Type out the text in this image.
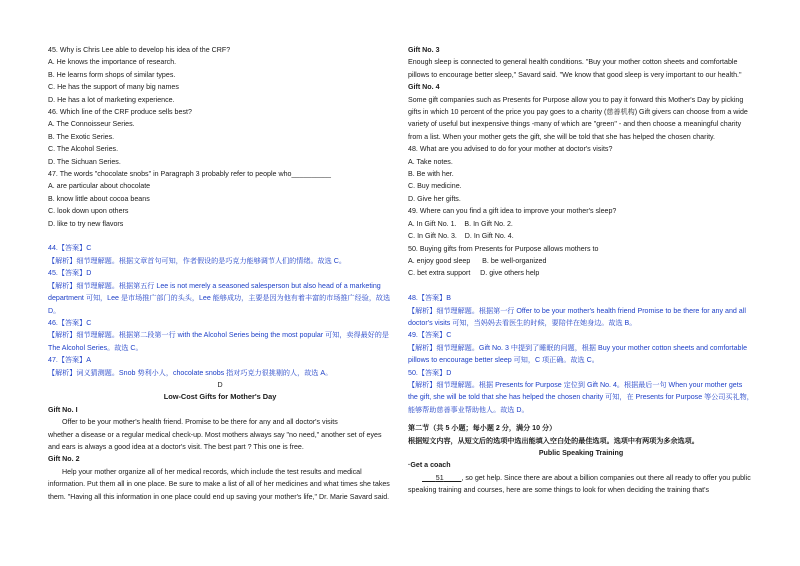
45. Why is Chris Lee able to develop his idea of the CRF?

A. He knows the importance of research.

B. He learns form shops of similar types.

C. He has the support of many big names

D. He has a lot of marketing experience.

46. Which line of the CRF produce sells best?

A. The Connoisseur Series.

B. The Exotic Series.

C. The Alcohol Series.

D. The Sichuan Series.

47. The words "chocolate snobs" in Paragraph 3 probably refer to people who__________

A. are particular about chocolate

B. know little about cocoa beans

C. look down upon others

D. like to try new flavors

44.【答案】C

【解析】细节理解题。根据文章首句可知，作者假设的是巧克力能够调节人们的情绪。故选 C。

45.【答案】D

【解析】细节理解题。根据第五行 Lee is not merely a seasoned salesperson but also head of a marketing department 可知，Lee 是市场推广部门的头头，Lee 能够成功，主要是因为他有着丰富的市场推广经验，故选 D。

46.【答案】C

【解析】细节理解题。根据第二段第一行 with the Alcohol Series being the most popular 可知，卖得最好的是 The Alcohol Series。故选 C。

47.【答案】A

【解析】词义猜测题。Snob 势利小人，chocolate snobs 指对巧克力很挑剔的人，故选 A。

D

Low-Cost Gifts for Mother's Day

Gift No. I

Offer to be your mother's health friend. Promise to be there for any and all doctor's visits

whether a disease or a regular medical check-up. Most mothers always say "no need," another set of eyes and ears is always a good idea at a doctor's visit. The best part ? This one is free.

Gift No. 2

Help your mother organize all of her medical records, which include the test results and medical information. Put them all in one place. Be sure to make a list of all of her medicines and what times she takes them. "Having all this information in one place could end up saving your mother's life," Dr. Marie Savard said.

Gift No. 3

Enough sleep is connected to general health conditions. "Buy your mother cotton sheets and comfortable pillows to encourage better sleep," Savard said. "We know that good sleep is very important to our health."

Gift No. 4

Some gift companies such as Presents for Purpose allow you to pay it forward this Mother's Day by picking gifts in which 10 percent of the price you pay goes to a charity (慈善机构) Gift givers can choose from a wide variety of useful but inexpensive things -many of which are "green" - and then choose a meaningful charity from a list. When your mother gets the gift, she will be told that she has helped the chosen charity.

48. What are you advised to do for your mother at doctor's visits?

A. Take notes.

B. Be with her.

C. Buy medicine.

D. Give her gifts.

49. Where can you find a gift idea to improve your mother's sleep?

A. In Gift No. 1. B. In Gift No. 2.

C. In Gift No. 3. D. In Gift No. 4.

50. Buying gifts from Presents for Purpose allows mothers to

A. enjoy good sleep B. be well-organized

C. bet extra support D. give others help

48.【答案】B

【解析】细节理解题。根据第一行 Offer to be your mother's health friend Promise to be there for any and all doctor's visits 可知，当妈妈去看医生的时候，要陪伴在她身边。故选 B。

49.【答案】C

【解析】细节理解题。Gift No. 3 中提到了睡眠的问题，根据 Buy your mother cotton sheets and comfortable pillows to encourage better sleep 可知，C 项正确。故选 C。

50.【答案】D

【解析】细节理解题。根据 Presents for Purpose 定位到 Gift No. 4。根据最后一句 When your mother gets the gift, she will be told that she has helped the chosen charity 可知，在 Presents for Purpose 等公司买礼物，能够帮助慈善事业帮助他人。故选 D。

第二节（共 5 小题；每小题 2 分，满分 10 分）

根据短文内容，从短文后的选项中选出能填入空白处的最佳选项。选项中有两项为多余选项。

Public Speaking Training

·Get a coach

51	, so get help. Since there are about a billion companies out there all ready to offer you public speaking training and courses, here are some things to look for when deciding the training that's
